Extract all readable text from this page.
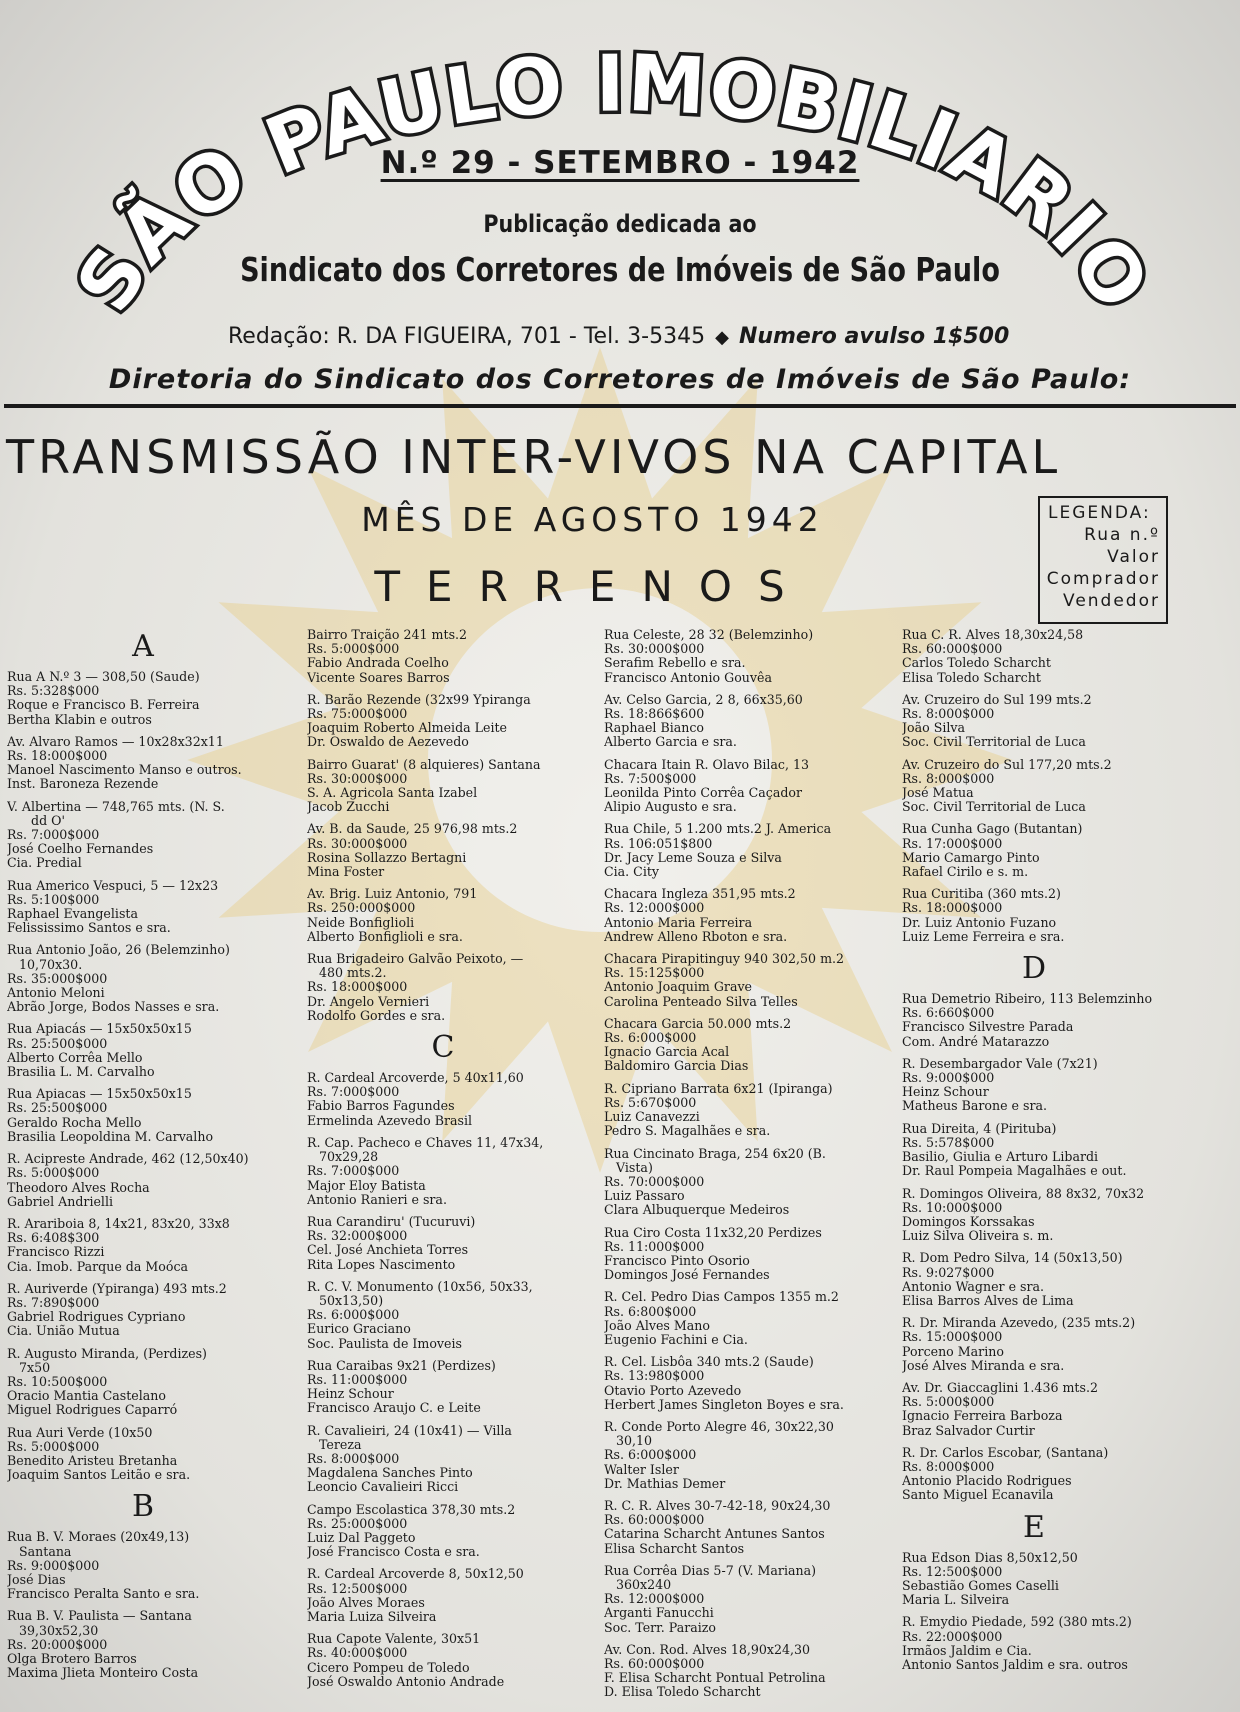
SÃO PAULO IMOBILIARIO
N.º 29 - SETEMBRO - 1942
Publicação dedicada ao
Sindicato dos Corretores de Imóveis de São Paulo
Redação: R. DA FIGUEIRA, 701 - Tel. 3-5345 ◆ Numero avulso 1$500
Diretoria do Sindicato dos Corretores de Imóveis de São Paulo:
TRANSMISSÃO INTER-VIVOS NA CAPITAL
MÊS DE AGOSTO 1942
TERRENOS
LEGENDA:
Rua n.º
Valor
Comprador
Vendedor
A
Rua A N.º 3 — 308,50 (Saude)
Rs. 5:328$000
Roque e Francisco B. Ferreira
Bertha Klabin e outros
Av. Alvaro Ramos — 10x28x32x11
Rs. 18:000$000
Manoel Nascimento Manso e outros.
Inst. Baroneza Rezende
V. Albertina — 748,765 mts. (N. S.
dd O'
Rs. 7:000$000
José Coelho Fernandes
Cia. Predial
Rua Americo Vespuci, 5 — 12x23
Rs. 5:100$000
Raphael Evangelista
Felississimo Santos e sra.
Rua Antonio João, 26 (Belemzinho)
10,70x30.
Rs. 35:000$000
Antonio Meloni
Abrão Jorge, Bodos Nasses e sra.
Rua Apiacás — 15x50x50x15
Rs. 25:500$000
Alberto Corrêa Mello
Brasilia L. M. Carvalho
Rua Apiacas — 15x50x50x15
Rs. 25:500$000
Geraldo Rocha Mello
Brasilia Leopoldina M. Carvalho
R. Acipreste Andrade, 462 (12,50x40)
Rs. 5:000$000
Theodoro Alves Rocha
Gabriel Andrielli
R. Arariboia 8, 14x21, 83x20, 33x8
Rs. 6:408$300
Francisco Rizzi
Cia. Imob. Parque da Moóca
R. Auriverde (Ypiranga) 493 mts.2
Rs. 7:890$000
Gabriel Rodrigues Cypriano
Cia. União Mutua
R. Augusto Miranda, (Perdizes)
7x50
Rs. 10:500$000
Oracio Mantia Castelano
Miguel Rodrigues Caparró
Rua Auri Verde (10x50
Rs. 5:000$000
Benedito Aristeu Bretanha
Joaquim Santos Leitão e sra.
B
Rua B. V. Moraes (20x49,13)
Santana
Rs. 9:000$000
José Dias
Francisco Peralta Santo e sra.
Rua B. V. Paulista — Santana
39,30x52,30
Rs. 20:000$000
Olga Brotero Barros
Maxima Jlieta Monteiro Costa
Bairro Traição 241 mts.2
Rs. 5:000$000
Fabio Andrada Coelho
Vicente Soares Barros
R. Barão Rezende (32x99 Ypiranga
Rs. 75:000$000
Joaquim Roberto Almeida Leite
Dr. Oswaldo de Aezevedo
Bairro Guarat' (8 alquieres) Santana
Rs. 30:000$000
S. A. Agricola Santa Izabel
Jacob Zucchi
Av. B. da Saude, 25 976,98 mts.2
Rs. 30:000$000
Rosina Sollazzo Bertagni
Mina Foster
Av. Brig. Luiz Antonio, 791
Rs. 250:000$000
Neide Bonfiglioli
Alberto Bonfiglioli e sra.
Rua Brigadeiro Galvão Peixoto, —
480 mts.2.
Rs. 18:000$000
Dr. Angelo Vernieri
Rodolfo Gordes e sra.
C
R. Cardeal Arcoverde, 5 40x11,60
Rs. 7:000$000
Fabio Barros Fagundes
Ermelinda Azevedo Brasil
R. Cap. Pacheco e Chaves 11, 47x34,
70x29,28
Rs. 7:000$000
Major Eloy Batista
Antonio Ranieri e sra.
Rua Carandiru' (Tucuruvi)
Rs. 32:000$000
Cel. José Anchieta Torres
Rita Lopes Nascimento
R. C. V. Monumento (10x56, 50x33,
50x13,50)
Rs. 6:000$000
Eurico Graciano
Soc. Paulista de Imoveis
Rua Caraibas 9x21 (Perdizes)
Rs. 11:000$000
Heinz Schour
Francisco Araujo C. e Leite
R. Cavalieiri, 24 (10x41) — Villa
Tereza
Rs. 8:000$000
Magdalena Sanches Pinto
Leoncio Cavalieiri Ricci
Campo Escolastica 378,30 mts.2
Rs. 25:000$000
Luiz Dal Paggeto
José Francisco Costa e sra.
R. Cardeal Arcoverde 8, 50x12,50
Rs. 12:500$000
João Alves Moraes
Maria Luiza Silveira
Rua Capote Valente, 30x51
Rs. 40:000$000
Cicero Pompeu de Toledo
José Oswaldo Antonio Andrade
Rua Celeste, 28 32 (Belemzinho)
Rs. 30:000$000
Serafim Rebello e sra.
Francisco Antonio Gouvêa
Av. Celso Garcia, 2 8, 66x35,60
Rs. 18:866$600
Raphael Bianco
Alberto Garcia e sra.
Chacara Itain R. Olavo Bilac, 13
Rs. 7:500$000
Leonilda Pinto Corrêa Caçador
Alipio Augusto e sra.
Rua Chile, 5 1.200 mts.2 J. America
Rs. 106:051$800
Dr. Jacy Leme Souza e Silva
Cia. City
Chacara Ingleza 351,95 mts.2
Rs. 12:000$000
Antonio Maria Ferreira
Andrew Alleno Rboton e sra.
Chacara Pirapitinguy 940 302,50 m.2
Rs. 15:125$000
Antonio Joaquim Grave
Carolina Penteado Silva Telles
Chacara Garcia 50.000 mts.2
Rs. 6:000$000
Ignacio Garcia Acal
Baldomiro Garcia Dias
R. Cipriano Barrata 6x21 (Ipiranga)
Rs. 5:670$000
Luiz Canavezzi
Pedro S. Magalhães e sra.
Rua Cincinato Braga, 254 6x20 (B.
Vista)
Rs. 70:000$000
Luiz Passaro
Clara Albuquerque Medeiros
Rua Ciro Costa 11x32,20 Perdizes
Rs. 11:000$000
Francisco Pinto Osorio
Domingos José Fernandes
R. Cel. Pedro Dias Campos 1355 m.2
Rs. 6:800$000
João Alves Mano
Eugenio Fachini e Cia.
R. Cel. Lisbôa 340 mts.2 (Saude)
Rs. 13:980$000
Otavio Porto Azevedo
Herbert James Singleton Boyes e sra.
R. Conde Porto Alegre 46, 30x22,30
30,10
Rs. 6:000$000
Walter Isler
Dr. Mathias Demer
R. C. R. Alves 30-7-42-18, 90x24,30
Rs. 60:000$000
Catarina Scharcht Antunes Santos
Elisa Scharcht Santos
Rua Corrêa Dias 5-7 (V. Mariana)
360x240
Rs. 12:000$000
Arganti Fanucchi
Soc. Terr. Paraizo
Av. Con. Rod. Alves 18,90x24,30
Rs. 60:000$000
F. Elisa Scharcht Pontual Petrolina
D. Elisa Toledo Scharcht
Rua C. R. Alves 18,30x24,58
Rs. 60:000$000
Carlos Toledo Scharcht
Elisa Toledo Scharcht
Av. Cruzeiro do Sul 199 mts.2
Rs. 8:000$000
João Silva
Soc. Civil Territorial de Luca
Av. Cruzeiro do Sul 177,20 mts.2
Rs. 8:000$000
José Matua
Soc. Civil Territorial de Luca
Rua Cunha Gago (Butantan)
Rs. 17:000$000
Mario Camargo Pinto
Rafael Cirilo e s. m.
Rua Curitiba (360 mts.2)
Rs. 18:000$000
Dr. Luiz Antonio Fuzano
Luiz Leme Ferreira e sra.
D
Rua Demetrio Ribeiro, 113 Belemzinho
Rs. 6:660$000
Francisco Silvestre Parada
Com. André Matarazzo
R. Desembargador Vale (7x21)
Rs. 9:000$000
Heinz Schour
Matheus Barone e sra.
Rua Direita, 4 (Pirituba)
Rs. 5:578$000
Basilio, Giulia e Arturo Libardi
Dr. Raul Pompeia Magalhães e out.
R. Domingos Oliveira, 88 8x32, 70x32
Rs. 10:000$000
Domingos Korssakas
Luiz Silva Oliveira s. m.
R. Dom Pedro Silva, 14 (50x13,50)
Rs. 9:027$000
Antonio Wagner e sra.
Elisa Barros Alves de Lima
R. Dr. Miranda Azevedo, (235 mts.2)
Rs. 15:000$000
Porceno Marino
José Alves Miranda e sra.
Av. Dr. Giaccaglini 1.436 mts.2
Rs. 5:000$000
Ignacio Ferreira Barboza
Braz Salvador Curtir
R. Dr. Carlos Escobar, (Santana)
Rs. 8:000$000
Antonio Placido Rodrigues
Santo Miguel Ecanavila
E
Rua Edson Dias 8,50x12,50
Rs. 12:500$000
Sebastião Gomes Caselli
Maria L. Silveira
R. Emydio Piedade, 592 (380 mts.2)
Rs. 22:000$000
Irmãos Jaldim e Cia.
Antonio Santos Jaldim e sra. outros
